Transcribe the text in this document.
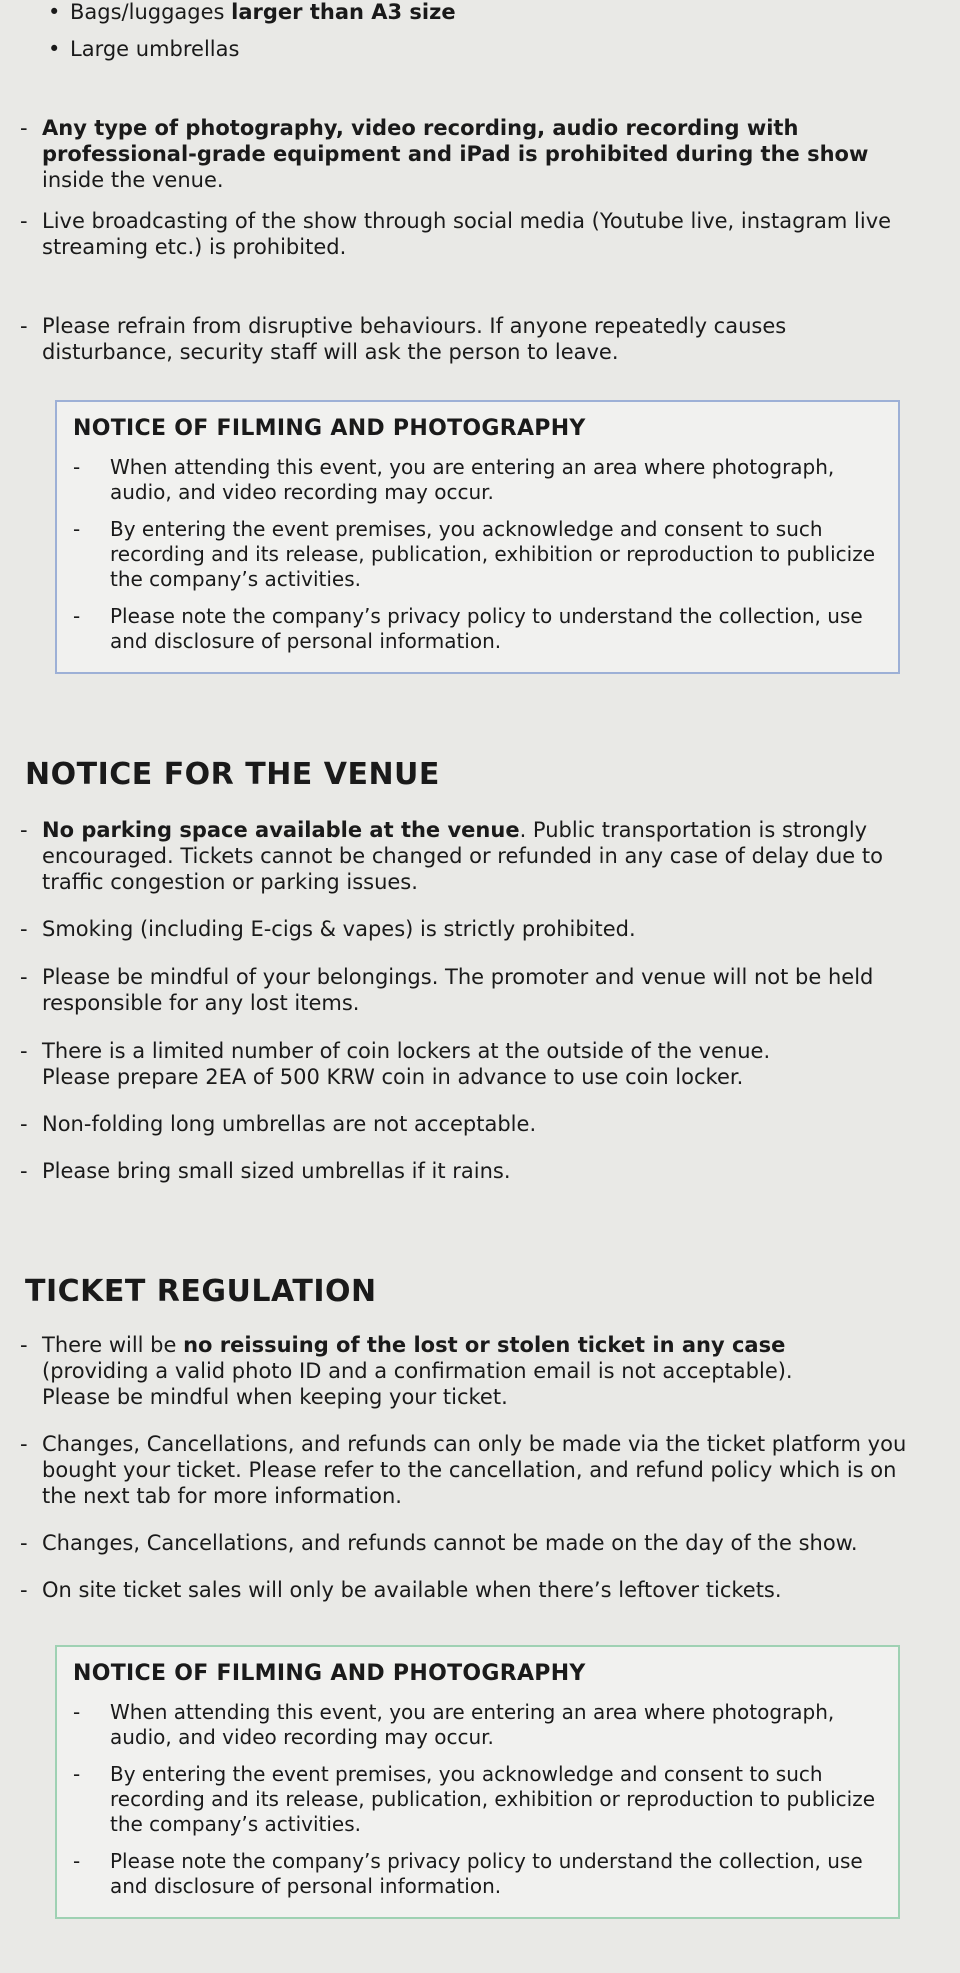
• Bags/luggages larger than A3 size
• Large umbrellas
- Any type of photography, video recording, audio recording with professional-grade equipment and iPad is prohibited during the show inside the venue.
- Live broadcasting of the show through social media (Youtube live, instagram live streaming etc.) is prohibited.
- Please refrain from disruptive behaviours. If anyone repeatedly causes disturbance, security staff will ask the person to leave.
NOTICE OF FILMING AND PHOTOGRAPHY
- When attending this event, you are entering an area where photograph, audio, and video recording may occur.
- By entering the event premises, you acknowledge and consent to such recording and its release, publication, exhibition or reproduction to publicize the company’s activities.
- Please note the company’s privacy policy to understand the collection, use and disclosure of personal information.
NOTICE FOR THE VENUE
- No parking space available at the venue. Public transportation is strongly encouraged. Tickets cannot be changed or refunded in any case of delay due to traffic congestion or parking issues.
- Smoking (including E-cigs & vapes) is strictly prohibited.
- Please be mindful of your belongings. The promoter and venue will not be held responsible for any lost items.
- There is a limited number of coin lockers at the outside of the venue.
Please prepare 2EA of 500 KRW coin in advance to use coin locker.
- Non-folding long umbrellas are not acceptable.
- Please bring small sized umbrellas if it rains.
TICKET REGULATION
- There will be no reissuing of the lost or stolen ticket in any case
(providing a valid photo ID and a confirmation email is not acceptable).
Please be mindful when keeping your ticket.
- Changes, Cancellations, and refunds can only be made via the ticket platform you bought your ticket. Please refer to the cancellation, and refund policy which is on the next tab for more information.
- Changes, Cancellations, and refunds cannot be made on the day of the show.
- On site ticket sales will only be available when there’s leftover tickets.
NOTICE OF FILMING AND PHOTOGRAPHY
- When attending this event, you are entering an area where photograph, audio, and video recording may occur.
- By entering the event premises, you acknowledge and consent to such recording and its release, publication, exhibition or reproduction to publicize the company’s activities.
- Please note the company’s privacy policy to understand the collection, use and disclosure of personal information.
